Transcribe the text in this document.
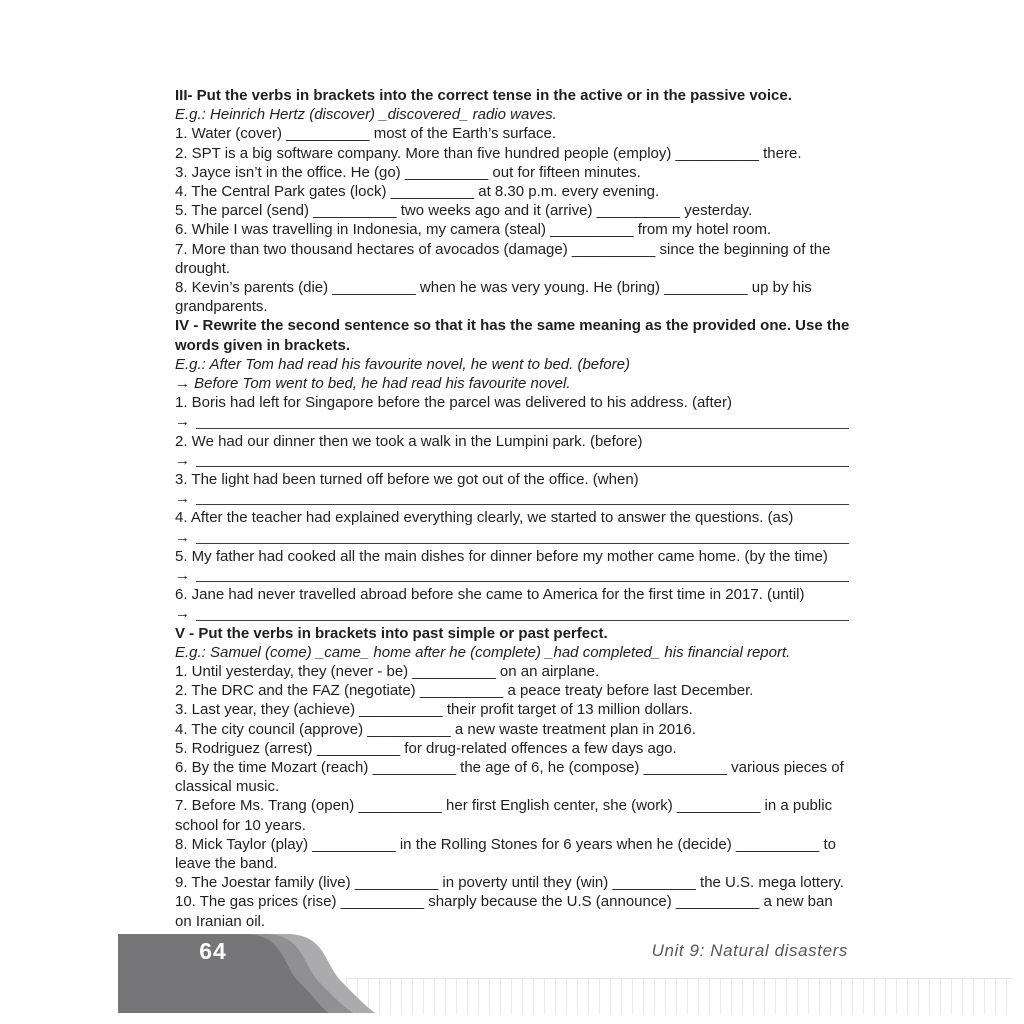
III- Put the verbs in brackets into the correct tense in the active or in the passive voice.

E.g.: Heinrich Hertz (discover) _discovered_ radio waves.

1. Water (cover) __________ most of the Earth’s surface.

2. SPT is a big software company. More than five hundred people (employ) __________ there.

3. Jayce isn’t in the office. He (go) __________ out for fifteen minutes.

4. The Central Park gates (lock) __________ at 8.30 p.m. every evening.

5. The parcel (send) __________ two weeks ago and it (arrive) __________ yesterday.

6. While I was travelling in Indonesia, my camera (steal) __________ from my hotel room.

7. More than two thousand hectares of avocados (damage) __________ since the beginning of the drought.

8. Kevin’s parents (die) __________ when he was very young. He (bring) __________ up by his grandparents.

IV - Rewrite the second sentence so that it has the same meaning as the provided one. Use the words given in brackets.

E.g.: After Tom had read his favourite novel, he went to bed. (before)

→ Before Tom went to bed, he had read his favourite novel.

1. Boris had left for Singapore before the parcel was delivered to his address. (after)

→

2. We had our dinner then we took a walk in the Lumpini park. (before)

→

3. The light had been turned off before we got out of the office. (when)

→

4. After the teacher had explained everything clearly, we started to answer the questions. (as)

→

5. My father had cooked all the main dishes for dinner before my mother came home. (by the time)

→

6. Jane had never travelled abroad before she came to America for the first time in 2017. (until)

→

V - Put the verbs in brackets into past simple or past perfect.

E.g.: Samuel (come) _came_ home after he (complete) _had completed_ his financial report.

1. Until yesterday, they (never - be) __________ on an airplane.

2. The DRC and the FAZ (negotiate) __________ a peace treaty before last December.

3. Last year, they (achieve) __________ their profit target of 13 million dollars.

4. The city council (approve) __________ a new waste treatment plan in 2016.

5. Rodriguez (arrest) __________ for drug-related offences a few days ago.

6. By the time Mozart (reach) __________ the age of 6, he (compose) __________ various pieces of classical music.

7. Before Ms. Trang (open) __________ her first English center, she (work) __________ in a public school for 10 years.

8. Mick Taylor (play) __________ in the Rolling Stones for 6 years when he (decide) __________ to leave the band.

9. The Joestar family (live) __________ in poverty until they (win) __________ the U.S. mega lottery.

10. The gas prices (rise) __________ sharply because the U.S (announce) __________ a new ban on Iranian oil.

64	Unit 9: Natural disasters
